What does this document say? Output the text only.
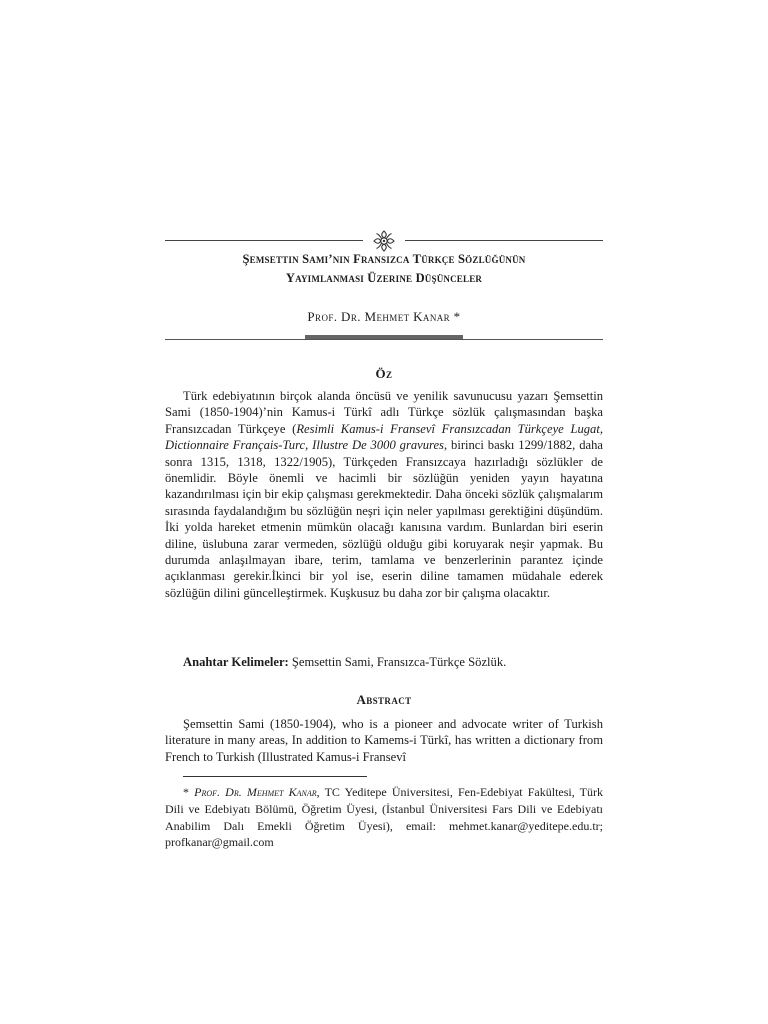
Şemsettin Sami’nin Fransızca Türkçe Sözlüğünün
Yayımlanması Üzerine Düşünceler
Prof. Dr. Mehmet Kanar *
Öz

Türk edebiyatının birçok alanda öncüsü ve yenilik savunucusu yazarı Şemsettin Sami (1850-1904)’nin Kamus-i Türkî adlı Türkçe sözlük çalışmasından başka Fransızcadan Türkçeye (Resimli Kamus-i Fransevî Fransızcadan Türkçeye Lugat, Dictionnaire Français-Turc, Illustre De 3000 gravures, birinci baskı 1299/1882, daha sonra 1315, 1318, 1322/1905), Türkçeden Fransızcaya hazırladığı sözlükler de önemlidir. Böyle önemli ve hacimli bir sözlüğün yeniden yayın hayatına kazandırılması için bir ekip çalışması gerekmektedir. Daha önceki sözlük çalışmalarım sırasında faydalandığım bu sözlüğün neşri için neler yapılması gerektiğini düşündüm. İki yolda hareket etmenin mümkün olacağı kanısına vardım. Bunlardan biri eserin diline, üslubuna zarar vermeden, sözlüğü olduğu gibi koruyarak neşir yapmak. Bu durumda anlaşılmayan ibare, terim, tamlama ve benzerlerinin parantez içinde açıklanması gerekir.İkinci bir yol ise, eserin diline tamamen müdahale ederek sözlüğün dilini güncelleştirmek. Kuşkusuz bu daha zor bir çalışma olacaktır.

Anahtar Kelimeler: Şemsettin Sami, Fransızca-Türkçe Sözlük.
Abstract

Şemsettin Sami (1850-1904), who is a pioneer and advocate writer of Turkish literature in many areas, In addition to Kamems-i Türkî, has written a dictionary from French to Turkish (Illustrated Kamus-i Fransevî

* Prof. Dr. Mehmet Kanar, TC Yeditepe Üniversitesi, Fen-Edebiyat Fakültesi, Türk Dili ve Edebiyatı Bölümü, Öğretim Üyesi, (İstanbul Üniversitesi Fars Dili ve Edebiyatı Anabilim Dalı Emekli Öğretim Üyesi), email: mehmet.kanar@yeditepe.edu.tr; profkanar@gmail.com
